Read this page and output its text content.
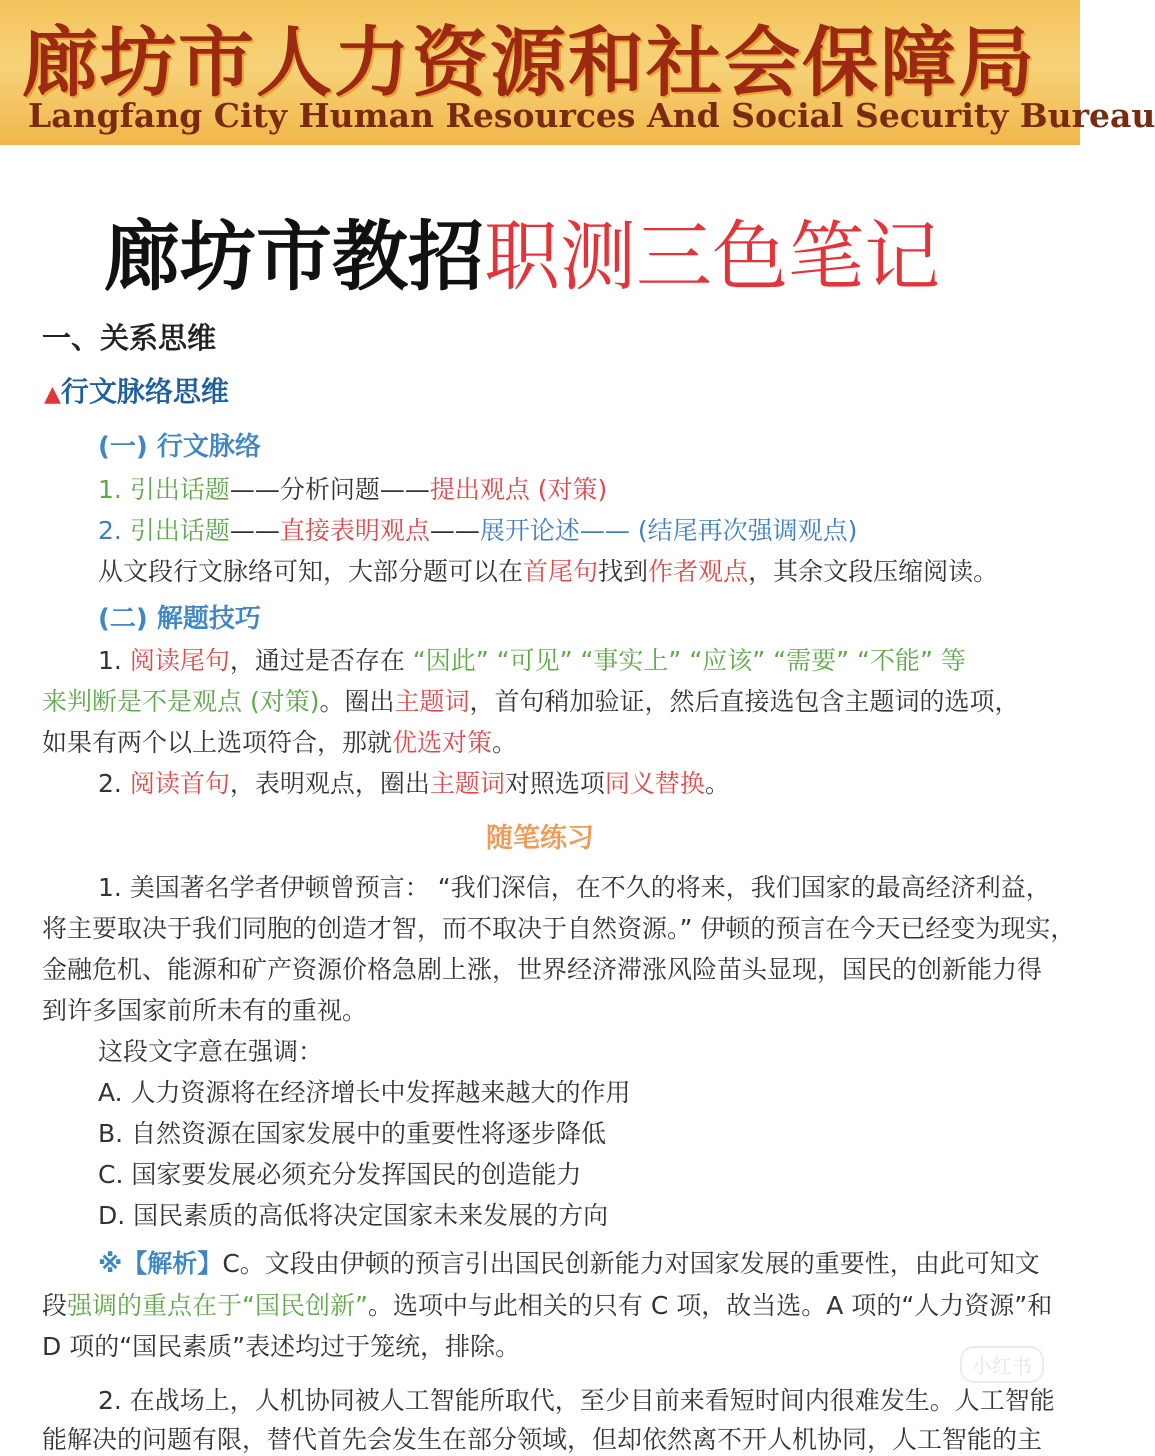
廊坊市人力资源和社会保障局
Langfang City Human Resources And Social Security Bureau
廊坊市教招职测三色笔记
一、关系思维
▲行文脉络思维
(一) 行文脉络
1. 引出话题——分析问题——提出观点 (对策)
2. 引出话题——直接表明观点——展开论述—— (结尾再次强调观点)
从文段行文脉络可知，大部分题可以在首尾句找到作者观点，其余文段压缩阅读。
(二) 解题技巧
1. 阅读尾句，通过是否存在 “因此” “可见” “事实上” “应该” “需要” “不能” 等
来判断是不是观点 (对策)。圈出主题词，首句稍加验证，然后直接选包含主题词的选项，
如果有两个以上选项符合，那就优选对策。
2. 阅读首句，表明观点，圈出主题词对照选项同义替换。
随笔练习
1. 美国著名学者伊顿曾预言： “我们深信，在不久的将来，我们国家的最高经济利益，
将主要取决于我们同胞的创造才智，而不取决于自然资源。” 伊顿的预言在今天已经变为现实，
金融危机、能源和矿产资源价格急剧上涨，世界经济滞涨风险苗头显现，国民的创新能力得
到许多国家前所未有的重视。
这段文字意在强调：
A. 人力资源将在经济增长中发挥越来越大的作用
B. 自然资源在国家发展中的重要性将逐步降低
C. 国家要发展必须充分发挥国民的创造能力
D. 国民素质的高低将决定国家未来发展的方向
※【解析】C。文段由伊顿的预言引出国民创新能力对国家发展的重要性，由此可知文
段强调的重点在于“国民创新”。选项中与此相关的只有 C 项，故当选。A 项的“人力资源”和
D 项的“国民素质”表述均过于笼统，排除。
小红书
2. 在战场上，人机协同被人工智能所取代，至少目前来看短时间内很难发生。人工智能
能解决的问题有限，替代首先会发生在部分领域，但却依然离不开人机协同，人工智能的主
